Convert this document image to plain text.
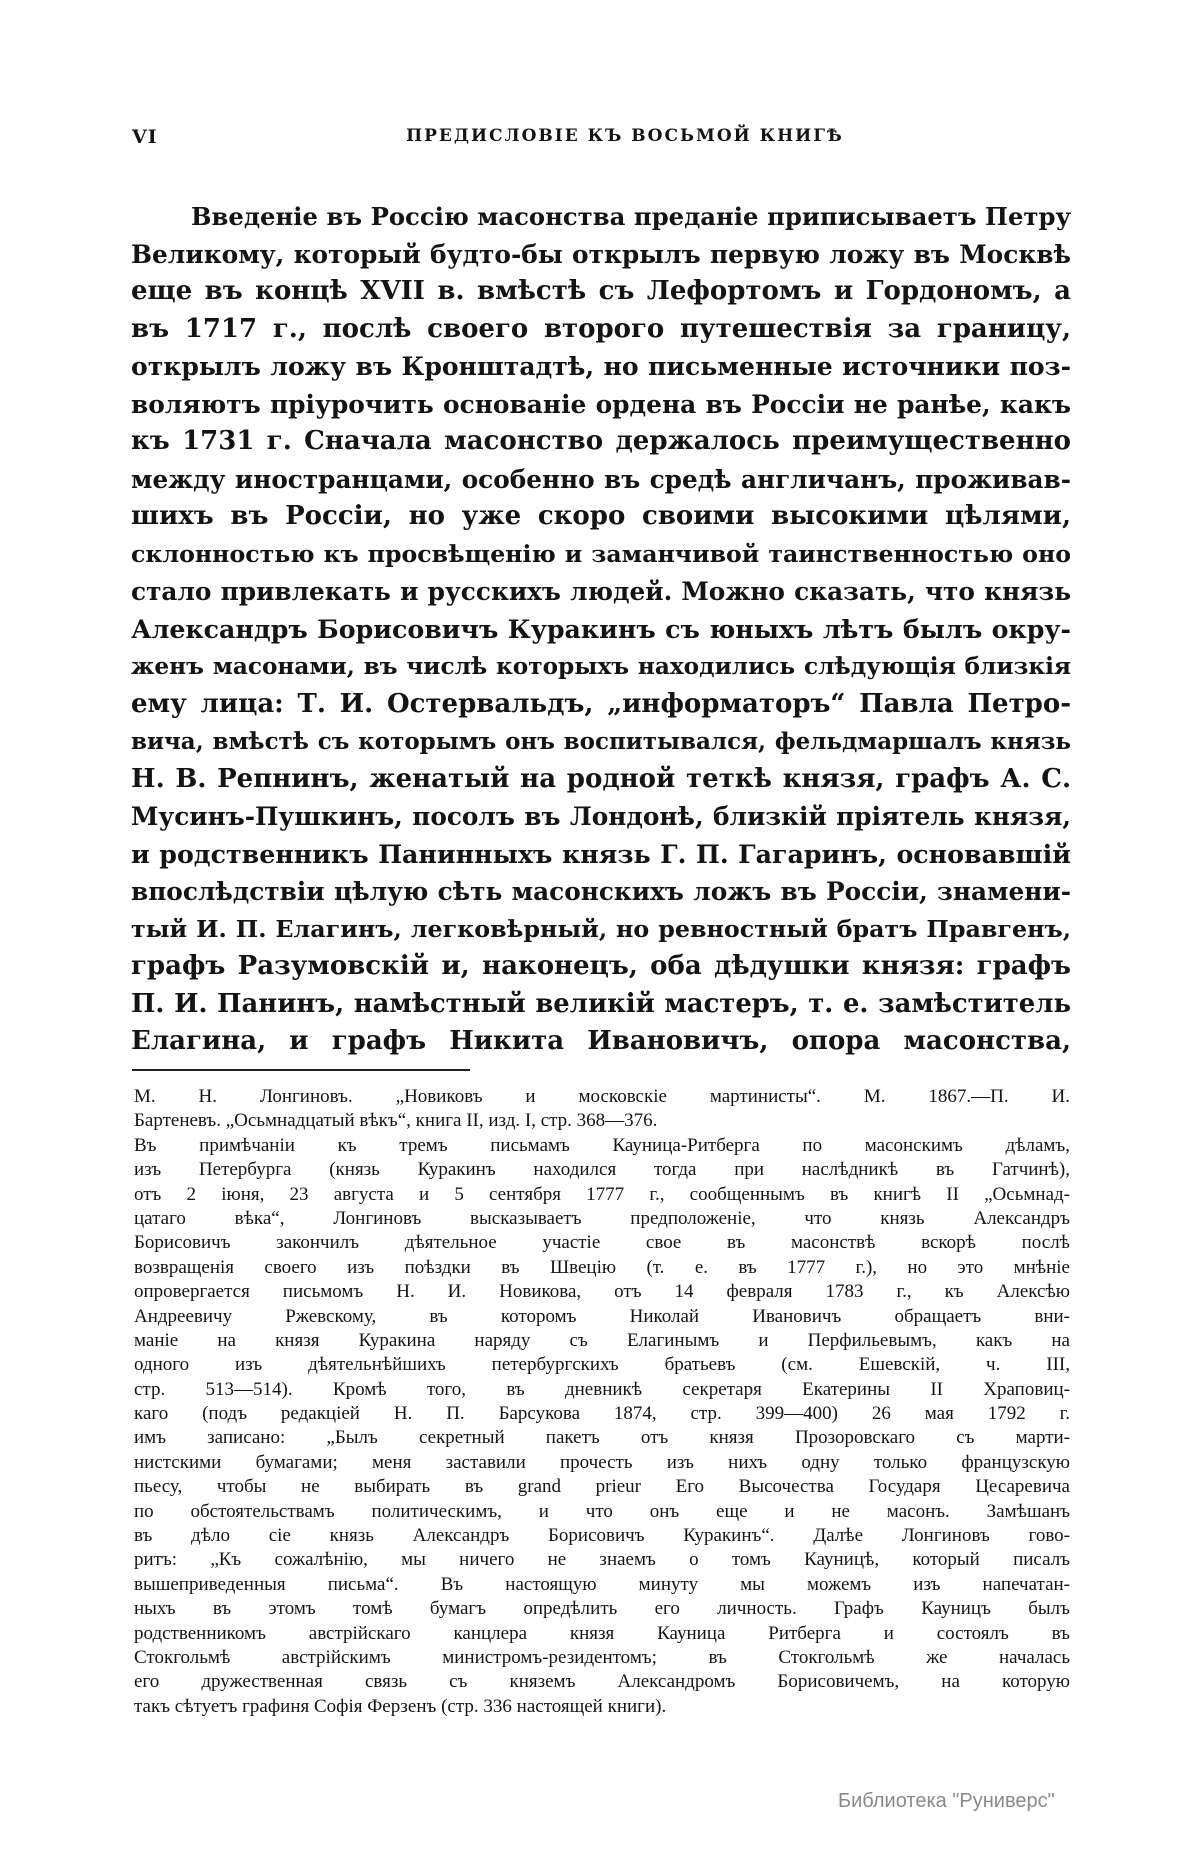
VI	ПРЕДИСЛОВІЕ КЪ ВОСЬМОЙ КНИГѢ
Введеніе въ Россію масонства преданіе приписываетъ Петру
Великому, который будто-бы открылъ первую ложу въ Москвѣ
еще въ концѣ XVII в. вмѣстѣ съ Лефортомъ и Гордономъ, а
въ 1717 г., послѣ своего второго путешествія за границу,
открылъ ложу въ Кронштадтѣ, но письменные источники поз-
воляютъ пріурочить основаніе ордена въ Россіи не ранѣе, какъ
къ 1731 г. Сначала масонство держалось преимущественно
между иностранцами, особенно въ средѣ англичанъ, проживав-
шихъ въ Россіи, но уже скоро своими высокими цѣлями,
склонностью къ просвѣщенію и заманчивой таинственностью оно
стало привлекать и русскихъ людей. Можно сказать, что князь
Александръ Борисовичъ Куракинъ съ юныхъ лѣтъ былъ окру-
женъ масонами, въ числѣ которыхъ находились слѣдующія близкія
ему лица: Т. И. Остервальдъ, „информаторъ“ Павла Петро-
вича, вмѣстѣ съ которымъ онъ воспитывался, фельдмаршалъ князь
Н. В. Репнинъ, женатый на родной теткѣ князя, графъ А. С.
Мусинъ-Пушкинъ, посолъ въ Лондонѣ, близкій пріятель князя,
и родственникъ Панинныхъ князь Г. П. Гагаринъ, основавшій
впослѣдствіи цѣлую сѣть масонскихъ ложъ въ Россіи, знамени-
тый И. П. Елагинъ, легковѣрный, но ревностный братъ Правгенъ,
графъ Разумовскій и, наконецъ, оба дѣдушки князя: графъ
П. И. Панинъ, намѣстный великій мастеръ, т. е. замѣститель
Елагина, и графъ Никита Ивановичъ, опора масонства,
М. Н. Лонгиновъ. „Новиковъ и московскіе мартинисты“. М. 1867.—П. И.
Бартеневъ. „Осьмнадцатый вѣкъ“, книга II, изд. I, стр. 368—376.
Въ примѣчаніи къ тремъ письмамъ Кауница-Ритберга по масонскимъ дѣламъ,
изъ Петербурга (князь Куракинъ находился тогда при наслѣдникѣ въ Гатчинѣ),
отъ 2 іюня, 23 августа и 5 сентября 1777 г., сообщеннымъ въ книгѣ II „Осьмнад-
цатаго вѣка“, Лонгиновъ высказываетъ предположеніе, что князь Александръ
Борисовичъ закончилъ дѣятельное участіе свое въ масонствѣ вскорѣ послѣ
возвращенія своего изъ поѣздки въ Швецію (т. е. въ 1777 г.), но это мнѣніе
опровергается письмомъ Н. И. Новикова, отъ 14 февраля 1783 г., къ Алексѣю
Андреевичу Ржевскому, въ которомъ Николай Ивановичъ обращаетъ вни-
маніе на князя Куракина наряду съ Елагинымъ и Перфильевымъ, какъ на
одного изъ дѣятельнѣйшихъ петербургскихъ братьевъ (см. Ешевскій, ч. III,
стр. 513—514). Кромѣ того, въ дневникѣ секретаря Екатерины II Храповиц-
каго (подъ редакціей Н. П. Барсукова 1874, стр. 399—400) 26 мая 1792 г.
имъ записано: „Былъ секретный пакетъ отъ князя Прозоровскаго съ марти-
нистскими бумагами; меня заставили прочесть изъ нихъ одну только французскую
пьесу, чтобы не выбирать въ grand prieur Его Высочества Государя Цесаревича
по обстоятельствамъ политическимъ, и что онъ еще и не масонъ. Замѣшанъ
въ дѣло сіе князь Александръ Борисовичъ Куракинъ“. Далѣе Лонгиновъ гово-
ритъ: „Къ сожалѣнію, мы ничего не знаемъ о томъ Кауницѣ, который писалъ
вышеприведенныя письма“. Въ настоящую минуту мы можемъ изъ напечатан-
ныхъ въ этомъ томѣ бумагъ опредѣлить его личность. Графъ Кауницъ былъ
родственникомъ австрійскаго канцлера князя Кауница Ритберга и состоялъ въ
Стокгольмѣ австрійскимъ министромъ-резидентомъ; въ Стокгольмѣ же началась
его дружественная связь съ княземъ Александромъ Борисовичемъ, на которую
такъ сѣтуетъ графиня Софія Ферзенъ (стр. 336 настоящей книги).
Библиотека "Руниверс"
